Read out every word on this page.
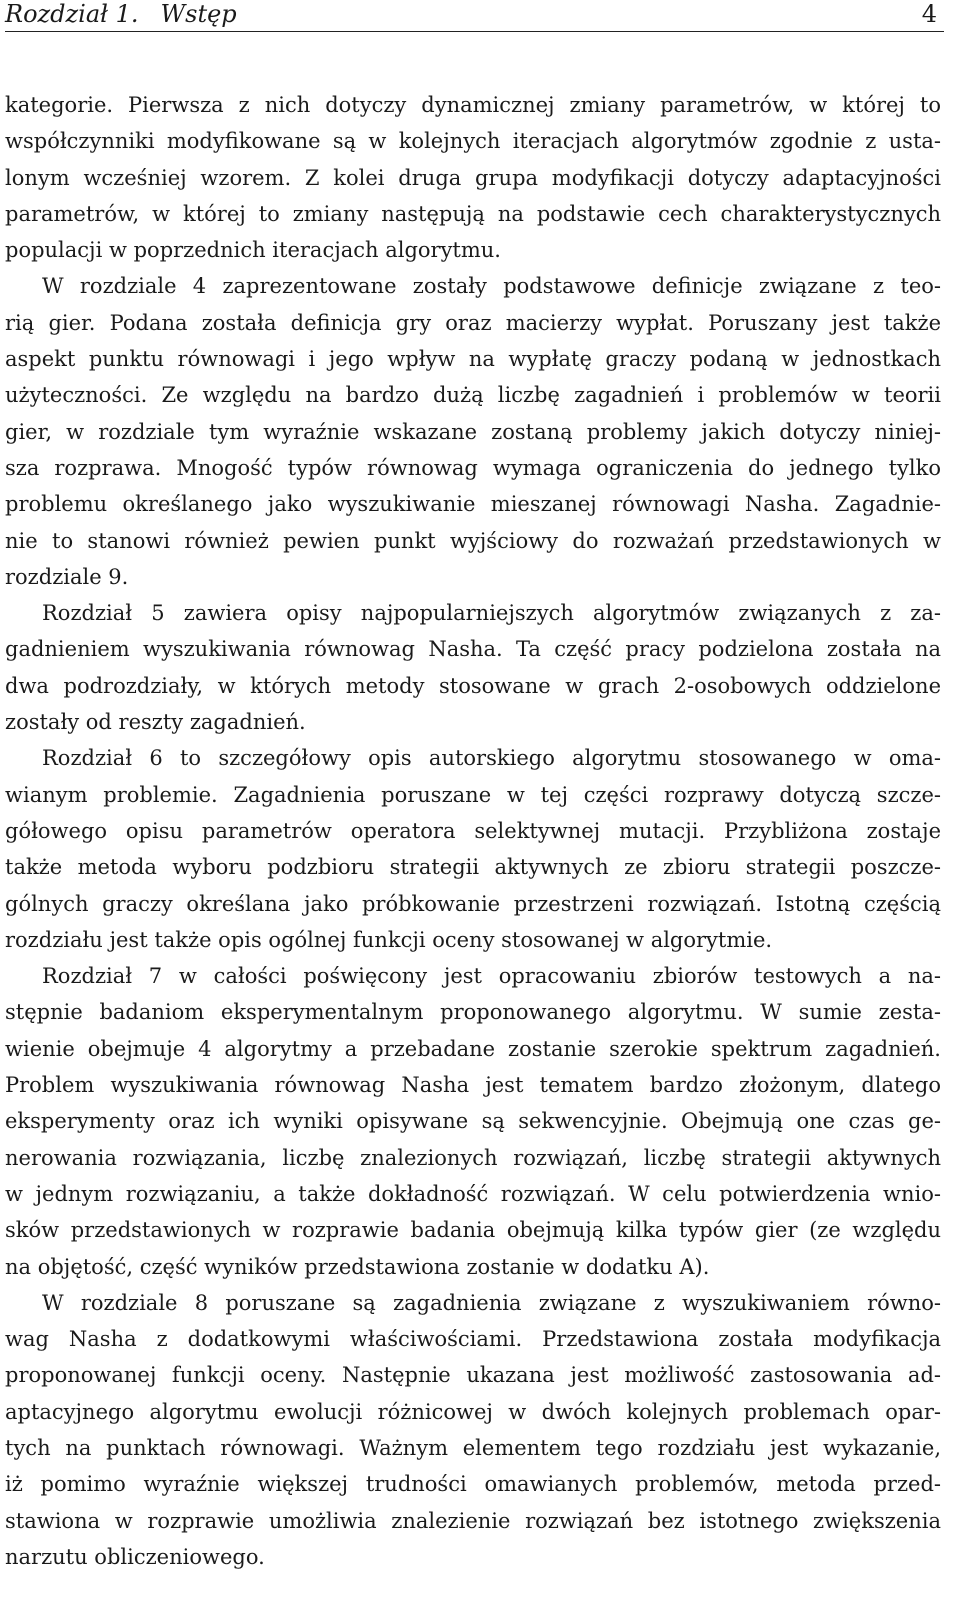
Rozdział 1. Wstęp	4
kategorie. Pierwsza z nich dotyczy dynamicznej zmiany parametrów, w której to
współczynniki modyfikowane są w kolejnych iteracjach algorytmów zgodnie z usta-
lonym wcześniej wzorem. Z kolei druga grupa modyfikacji dotyczy adaptacyjności
parametrów, w której to zmiany następują na podstawie cech charakterystycznych
populacji w poprzednich iteracjach algorytmu.
W rozdziale 4 zaprezentowane zostały podstawowe definicje związane z teo-
rią gier. Podana została definicja gry oraz macierzy wypłat. Poruszany jest także
aspekt punktu równowagi i jego wpływ na wypłatę graczy podaną w jednostkach
użyteczności. Ze względu na bardzo dużą liczbę zagadnień i problemów w teorii
gier, w rozdziale tym wyraźnie wskazane zostaną problemy jakich dotyczy niniej-
sza rozprawa. Mnogość typów równowag wymaga ograniczenia do jednego tylko
problemu określanego jako wyszukiwanie mieszanej równowagi Nasha. Zagadnie-
nie to stanowi również pewien punkt wyjściowy do rozważań przedstawionych w
rozdziale 9.
Rozdział 5 zawiera opisy najpopularniejszych algorytmów związanych z za-
gadnieniem wyszukiwania równowag Nasha. Ta część pracy podzielona została na
dwa podrozdziały, w których metody stosowane w grach 2-osobowych oddzielone
zostały od reszty zagadnień.
Rozdział 6 to szczegółowy opis autorskiego algorytmu stosowanego w oma-
wianym problemie. Zagadnienia poruszane w tej części rozprawy dotyczą szcze-
gółowego opisu parametrów operatora selektywnej mutacji. Przybliżona zostaje
także metoda wyboru podzbioru strategii aktywnych ze zbioru strategii poszcze-
gólnych graczy określana jako próbkowanie przestrzeni rozwiązań. Istotną częścią
rozdziału jest także opis ogólnej funkcji oceny stosowanej w algorytmie.
Rozdział 7 w całości poświęcony jest opracowaniu zbiorów testowych a na-
stępnie badaniom eksperymentalnym proponowanego algorytmu. W sumie zesta-
wienie obejmuje 4 algorytmy a przebadane zostanie szerokie spektrum zagadnień.
Problem wyszukiwania równowag Nasha jest tematem bardzo złożonym, dlatego
eksperymenty oraz ich wyniki opisywane są sekwencyjnie. Obejmują one czas ge-
nerowania rozwiązania, liczbę znalezionych rozwiązań, liczbę strategii aktywnych
w jednym rozwiązaniu, a także dokładność rozwiązań. W celu potwierdzenia wnio-
sków przedstawionych w rozprawie badania obejmują kilka typów gier (ze względu
na objętość, część wyników przedstawiona zostanie w dodatku A).
W rozdziale 8 poruszane są zagadnienia związane z wyszukiwaniem równo-
wag Nasha z dodatkowymi właściwościami. Przedstawiona została modyfikacja
proponowanej funkcji oceny. Następnie ukazana jest możliwość zastosowania ad-
aptacyjnego algorytmu ewolucji różnicowej w dwóch kolejnych problemach opar-
tych na punktach równowagi. Ważnym elementem tego rozdziału jest wykazanie,
iż pomimo wyraźnie większej trudności omawianych problemów, metoda przed-
stawiona w rozprawie umożliwia znalezienie rozwiązań bez istotnego zwiększenia
narzutu obliczeniowego.
